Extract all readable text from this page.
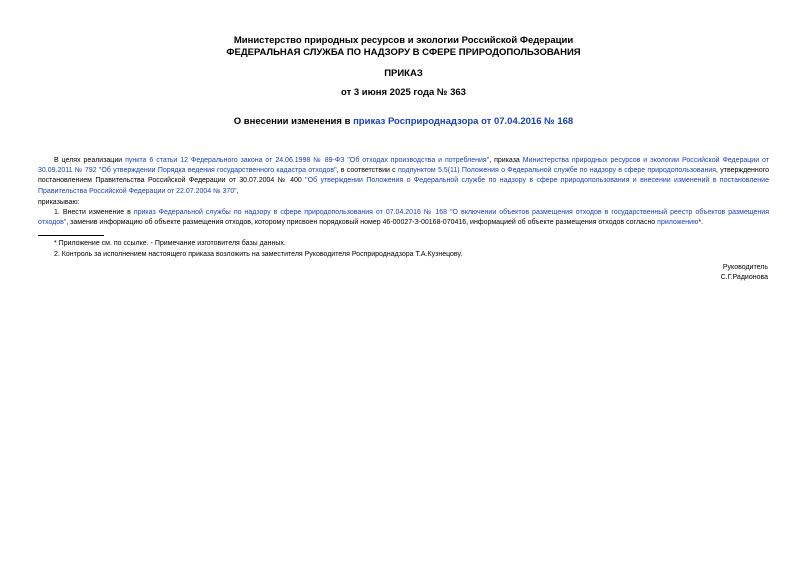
Министерство природных ресурсов и экологии Российской Федерации
ФЕДЕРАЛЬНАЯ СЛУЖБА ПО НАДЗОРУ В СФЕРЕ ПРИРОДОПОЛЬЗОВАНИЯ
ПРИКАЗ
от 3 июня 2025 года № 363
О внесении изменения в приказ Росприроднадзора от 07.04.2016 № 168
В целях реализации пункта 6 статьи 12 Федерального закона от 24.06.1998 № 89-ФЗ "Об отходах производства и потребления", приказа Министерства природных ресурсов и экологии Российской Федерации от 30.09.2011 № 792 "Об утверждении Порядка ведения государственного кадастра отходов", в соответствии с подпунктом 5.5(11) Положения о Федеральной службе по надзору в сфере природопользования, утвержденного постановлением Правительства Российской Федерации от 30.07.2004 № 400 "Об утверждении Положения о Федеральной службе по надзору в сфере природопользования и внесении изменений в постановление Правительства Российской Федерации от 22.07.2004 № 370",
приказываю:
1. Внести изменение в приказ Федеральной службы по надзору в сфере природопользования от 07.04.2016 № 168 "О включении объектов размещения отходов в государственный реестр объектов размещения отходов", заменив информацию об объекте размещения отходов, которому присвоен порядковый номер 46-00027-З-00168-070416, информацией об объекте размещения отходов согласно приложению*.
* Приложение см. по ссылке. - Примечание изготовителя базы данных.
2. Контроль за исполнением настоящего приказа возложить на заместителя Руководителя Росприроднадзора Т.А.Кузнецову.
Руководитель
С.Г.Радионова
